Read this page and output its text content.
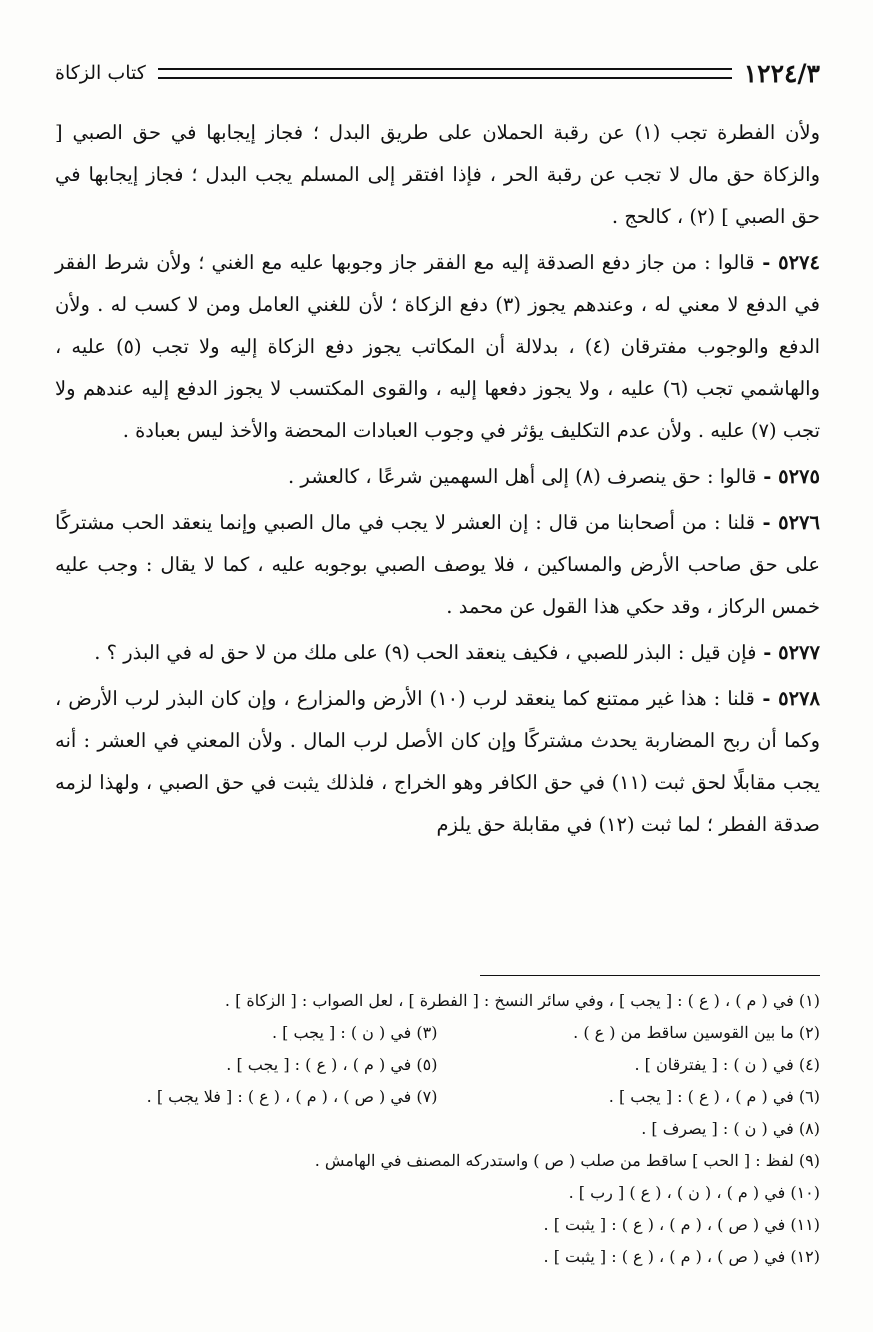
١٢٢٤/٣
كتاب الزكاة

ولأن الفطرة تجب (١) عن رقبة الحملان على طريق البدل ؛ فجاز إيجابها في حق الصبي [ والزكاة حق مال لا تجب عن رقبة الحر ، فإذا افتقر إلى المسلم يجب البدل ؛ فجاز إيجابها في حق الصبي ] (٢) ، كالحج .

٥٢٧٤ - قالوا : من جاز دفع الصدقة إليه مع الفقر جاز وجوبها عليه مع الغني ؛ ولأن شرط الفقر في الدفع لا معني له ، وعندهم يجوز (٣) دفع الزكاة ؛ لأن للغني العامل ومن لا كسب له . ولأن الدفع والوجوب مفترقان (٤) ، بدلالة أن المكاتب يجوز دفع الزكاة إليه ولا تجب (٥) عليه ، والهاشمي تجب (٦) عليه ، ولا يجوز دفعها إليه ، والقوى المكتسب لا يجوز الدفع إليه عندهم ولا تجب (٧) عليه . ولأن عدم التكليف يؤثر في وجوب العبادات المحضة والأخذ ليس بعبادة .

٥٢٧٥ - قالوا : حق ينصرف (٨) إلى أهل السهمين شرعًا ، كالعشر .

٥٢٧٦ - قلنا : من أصحابنا من قال : إن العشر لا يجب في مال الصبي وإنما ينعقد الحب مشتركًا على حق صاحب الأرض والمساكين ، فلا يوصف الصبي بوجوبه عليه ، كما لا يقال : وجب عليه خمس الركاز ، وقد حكي هذا القول عن محمد .

٥٢٧٧ - فإن قيل : البذر للصبي ، فكيف ينعقد الحب (٩) على ملك من لا حق له في البذر ؟ .

٥٢٧٨ - قلنا : هذا غير ممتنع كما ينعقد لرب (١٠) الأرض والمزارع ، وإن كان البذر لرب الأرض ، وكما أن ربح المضاربة يحدث مشتركًا وإن كان الأصل لرب المال . ولأن المعني في العشر : أنه يجب مقابلًا لحق ثبت (١١) في حق الكافر وهو الخراج ، فلذلك يثبت في حق الصبي ، ولهذا لزمه صدقة الفطر ؛ لما ثبت (١٢) في مقابلة حق يلزم

(١) في ( م ) ، ( ع ) : [ يجب ] ، وفي سائر النسخ : [ الفطرة ] ، لعل الصواب : [ الزكاة ] .
(٢) ما بين القوسين ساقط من ( ع ) .
(٣) في ( ن ) : [ يجب ] .
(٤) في ( ن ) : [ يفترقان ] .
(٥) في ( م ) ، ( ع ) : [ يجب ] .
(٦) في ( م ) ، ( ع ) : [ يجب ] .
(٧) في ( ص ) ، ( م ) ، ( ع ) : [ فلا يجب ] .
(٨) في ( ن ) : [ يصرف ] .
(٩) لفظ : [ الحب ] ساقط من صلب ( ص ) واستدركه المصنف في الهامش .
(١٠) في ( م ) ، ( ن ) ، ( ع ) [ رب ] .
(١١) في ( ص ) ، ( م ) ، ( ع ) : [ يثبت ] .
(١٢) في ( ص ) ، ( م ) ، ( ع ) : [ يثبت ] .
